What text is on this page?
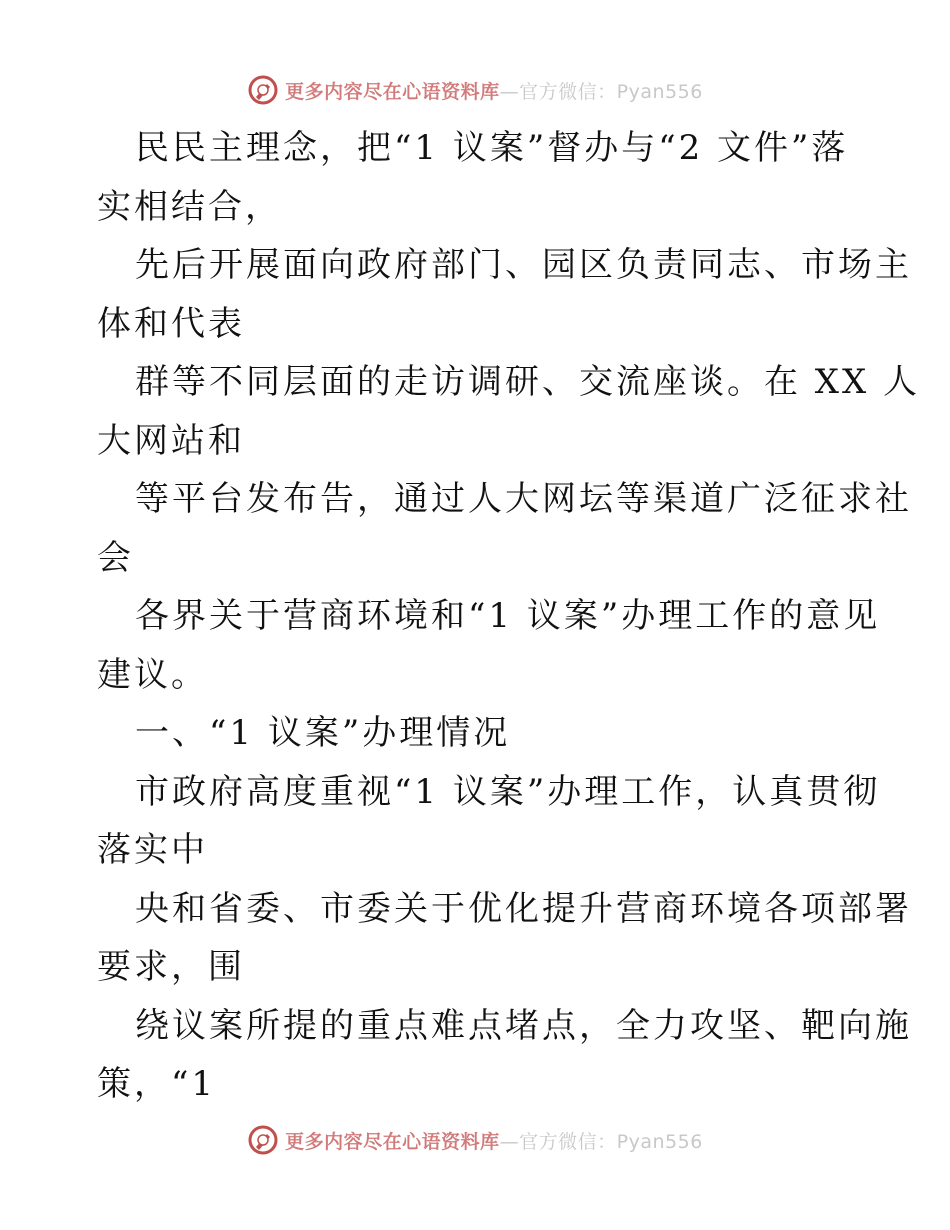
更多内容尽在心语资料库—官方微信：Pyan556
民民主理念，把“1 议案”督办与“2 文件”落
实相结合，
先后开展面向政府部门、园区负责同志、市场主
体和代表
群等不同层面的走访调研、交流座谈。在 XX 人
大网站和
等平台发布告，通过人大网坛等渠道广泛征求社
会
各界关于营商环境和“1 议案”办理工作的意见
建议。
一、“1 议案”办理情况
市政府高度重视“1 议案”办理工作，认真贯彻
落实中
央和省委、市委关于优化提升营商环境各项部署
要求，围
绕议案所提的重点难点堵点，全力攻坚、靶向施
策，“1
更多内容尽在心语资料库—官方微信：Pyan556
